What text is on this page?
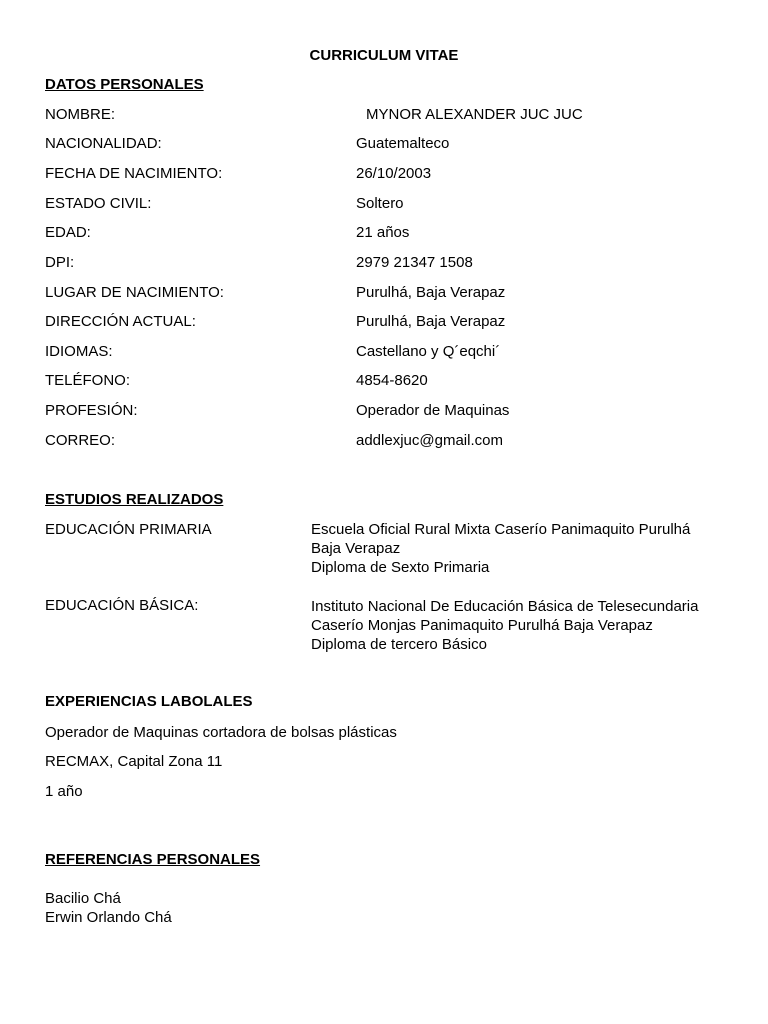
CURRICULUM VITAE
DATOS PERSONALES
NOMBRE:	MYNOR ALEXANDER JUC JUC
NACIONALIDAD:	Guatemalteco
FECHA DE NACIMIENTO:	26/10/2003
ESTADO CIVIL:	Soltero
EDAD:	21 años
DPI:	2979 21347 1508
LUGAR DE NACIMIENTO:	Purulhá, Baja Verapaz
DIRECCIÓN ACTUAL:	Purulhá, Baja Verapaz
IDIOMAS:	Castellano y Q´eqchi´
TELÉFONO:	4854-8620
PROFESIÓN:	Operador de Maquinas
CORREO:	addlexjuc@gmail.com
ESTUDIOS REALIZADOS
EDUCACIÓN PRIMARIA	Escuela Oficial Rural Mixta Caserío Panimaquito Purulhá
Baja Verapaz
Diploma de Sexto Primaria
EDUCACIÓN BÁSICA:	Instituto Nacional De Educación Básica de Telesecundaria
Caserío Monjas Panimaquito Purulhá Baja Verapaz
Diploma de tercero Básico
EXPERIENCIAS LABOLALES
Operador de Maquinas cortadora de bolsas plásticas
RECMAX, Capital Zona 11
1 año
REFERENCIAS PERSONALES
Bacilio Chá
Erwin Orlando Chá
